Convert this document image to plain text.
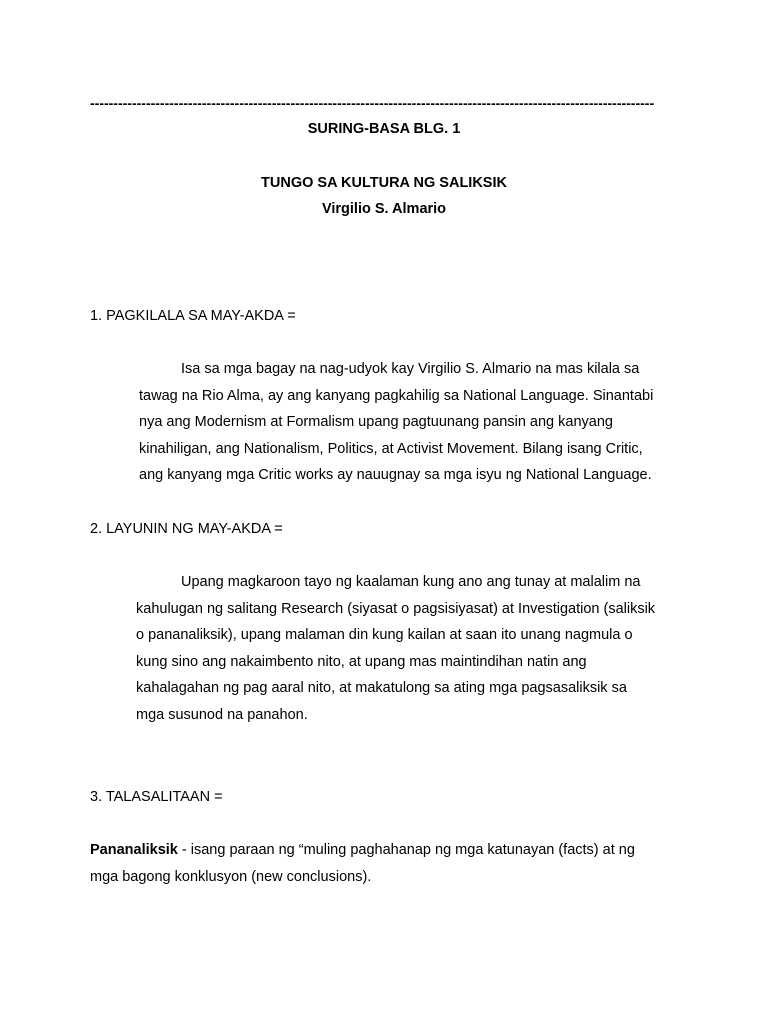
-------------------------------------------------------------------------------------------------------------------------
SURING-BASA BLG. 1
TUNGO SA KULTURA NG SALIKSIK
Virgilio S. Almario
1. PAGKILALA SA MAY-AKDA =
Isa sa mga bagay na nag-udyok kay Virgilio S. Almario na mas kilala sa
tawag na Rio Alma, ay ang kanyang pagkahilig sa National Language. Sinantabi
nya ang Modernism at Formalism upang pagtuunang pansin ang kanyang
kinahiligan, ang Nationalism, Politics, at Activist Movement. Bilang isang Critic,
ang kanyang mga Critic works ay nauugnay sa mga isyu ng National Language.
2. LAYUNIN NG MAY-AKDA =
Upang magkaroon tayo ng kaalaman kung ano ang tunay at malalim na
kahulugan ng salitang Research (siyasat o pagsisiyasat) at Investigation (saliksik
o pananaliksik), upang malaman din kung kailan at saan ito unang nagmula o
kung sino ang nakaimbento nito, at upang mas maintindihan natin ang
kahalagahan ng pag aaral nito, at makatulong sa ating mga pagsasaliksik sa
mga susunod na panahon.
3. TALASALITAAN =
Pananaliksik - isang paraan ng “muling paghahanap ng mga katunayan (facts) at ng
mga bagong konklusyon (new conclusions).
